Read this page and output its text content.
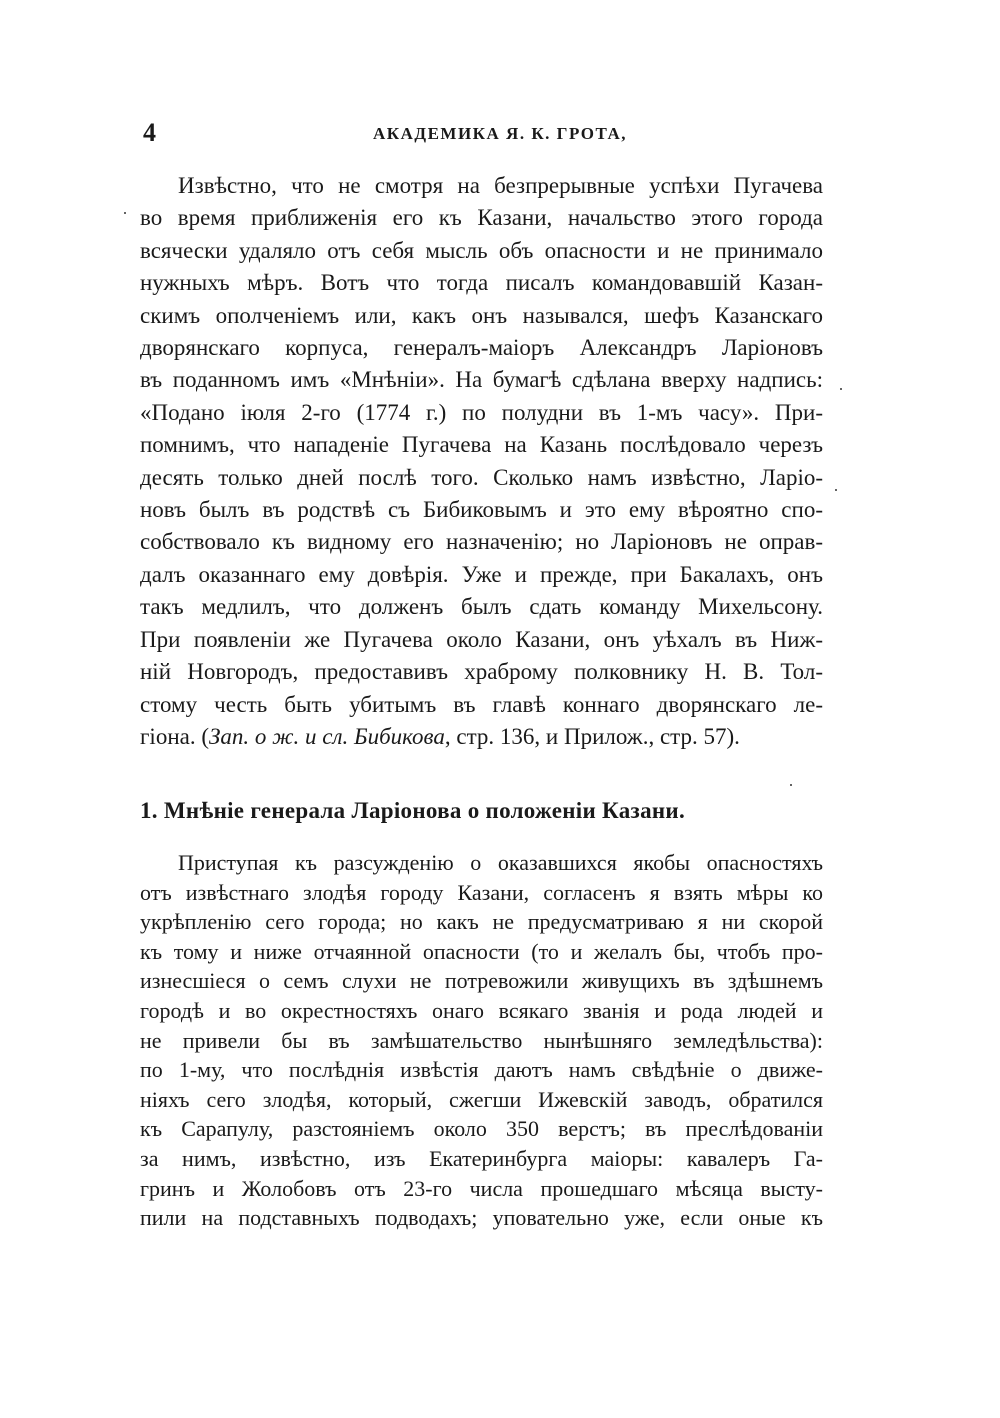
4	АКАДЕМИКА Я. К. ГРОТА,
Извѣстно, что не смотря на безпрерывные успѣхи Пугачева
во время приближенія его къ Казани, начальство этого города
всячески удаляло отъ себя мысль объ опасности и не принимало
нужныхъ мѣръ. Вотъ что тогда писалъ командовавшій Казан-
скимъ ополченіемъ или, какъ онъ назывался, шефъ Казанскаго
дворянскаго корпуса, генералъ-маіоръ Александръ Ларіоновъ
въ поданномъ имъ «Мнѣніи». На бумагѣ сдѣлана вверху надпись:
«Подано іюля 2-го (1774 г.) по полудни въ 1-мъ часу». При-
помнимъ, что нападеніе Пугачева на Казань послѣдовало черезъ
десять только дней послѣ того. Сколько намъ извѣстно, Ларіо-
новъ былъ въ родствѣ съ Бибиковымъ и это ему вѣроятно спо-
собствовало къ видному его назначенію; но Ларіоновъ не оправ-
далъ оказаннаго ему довѣрія. Уже и прежде, при Бакалахъ, онъ
такъ медлилъ, что долженъ былъ сдать команду Михельсону.
При появленіи же Пугачева около Казани, онъ уѣхалъ въ Ниж-
ній Новгородъ, предоставивъ храброму полковнику Н. В. Тол-
стому честь быть убитымъ въ главѣ коннаго дворянскаго ле-
гіона. (Зап. о ж. и сл. Бибикова, стр. 136, и Прилож., стр. 57).
1. Мнѣніе генерала Ларіонова о положеніи Казани.
Приступая къ разсужденію о оказавшихся якобы опасностяхъ
отъ извѣстнаго злодѣя городу Казани, согласенъ я взять мѣры ко
укрѣпленію сего города; но какъ не предусматриваю я ни скорой
къ тому и ниже отчаянной опасности (то и желалъ бы, чтобъ про-
изнесшіеся о семъ слухи не потревожили живущихъ въ здѣшнемъ
городѣ и во окрестностяхъ онаго всякаго званія и рода людей и
не привели бы въ замѣшательство нынѣшняго земледѣльства):
по 1-му, что послѣднія извѣстія даютъ намъ свѣдѣніе о движе-
ніяхъ сего злодѣя, который, сжегши Ижевскій заводъ, обратился
къ Сарапулу, разстояніемъ около 350 верстъ; въ преслѣдованіи
за нимъ, извѣстно, изъ Екатеринбурга маіоры: кавалеръ Га-
гринъ и Жолобовъ отъ 23-го числа прошедшаго мѣсяца высту-
пили на подставныхъ подводахъ; уповательно уже, если оные къ
